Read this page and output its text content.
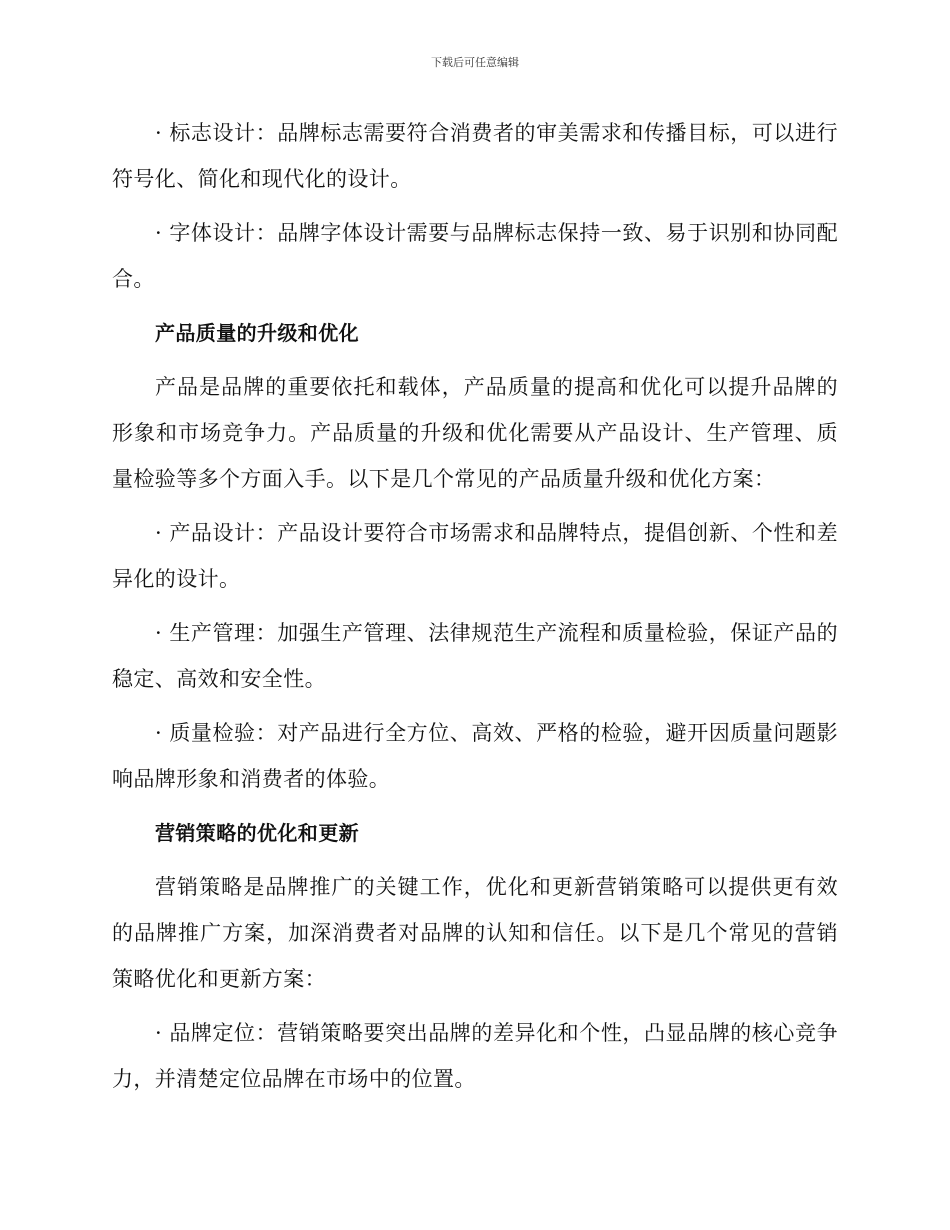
下载后可任意编辑

· 标志设计：品牌标志需要符合消费者的审美需求和传播目标，可以进行符号化、简化和现代化的设计。

· 字体设计：品牌字体设计需要与品牌标志保持一致、易于识别和协同配合。

产品质量的升级和优化

产品是品牌的重要依托和载体，产品质量的提高和优化可以提升品牌的形象和市场竞争力。产品质量的升级和优化需要从产品设计、生产管理、质量检验等多个方面入手。以下是几个常见的产品质量升级和优化方案：

· 产品设计：产品设计要符合市场需求和品牌特点，提倡创新、个性和差异化的设计。

· 生产管理：加强生产管理、法律规范生产流程和质量检验，保证产品的稳定、高效和安全性。

· 质量检验：对产品进行全方位、高效、严格的检验，避开因质量问题影响品牌形象和消费者的体验。

营销策略的优化和更新

营销策略是品牌推广的关键工作，优化和更新营销策略可以提供更有效的品牌推广方案，加深消费者对品牌的认知和信任。以下是几个常见的营销策略优化和更新方案：

· 品牌定位：营销策略要突出品牌的差异化和个性，凸显品牌的核心竞争力，并清楚定位品牌在市场中的位置。
